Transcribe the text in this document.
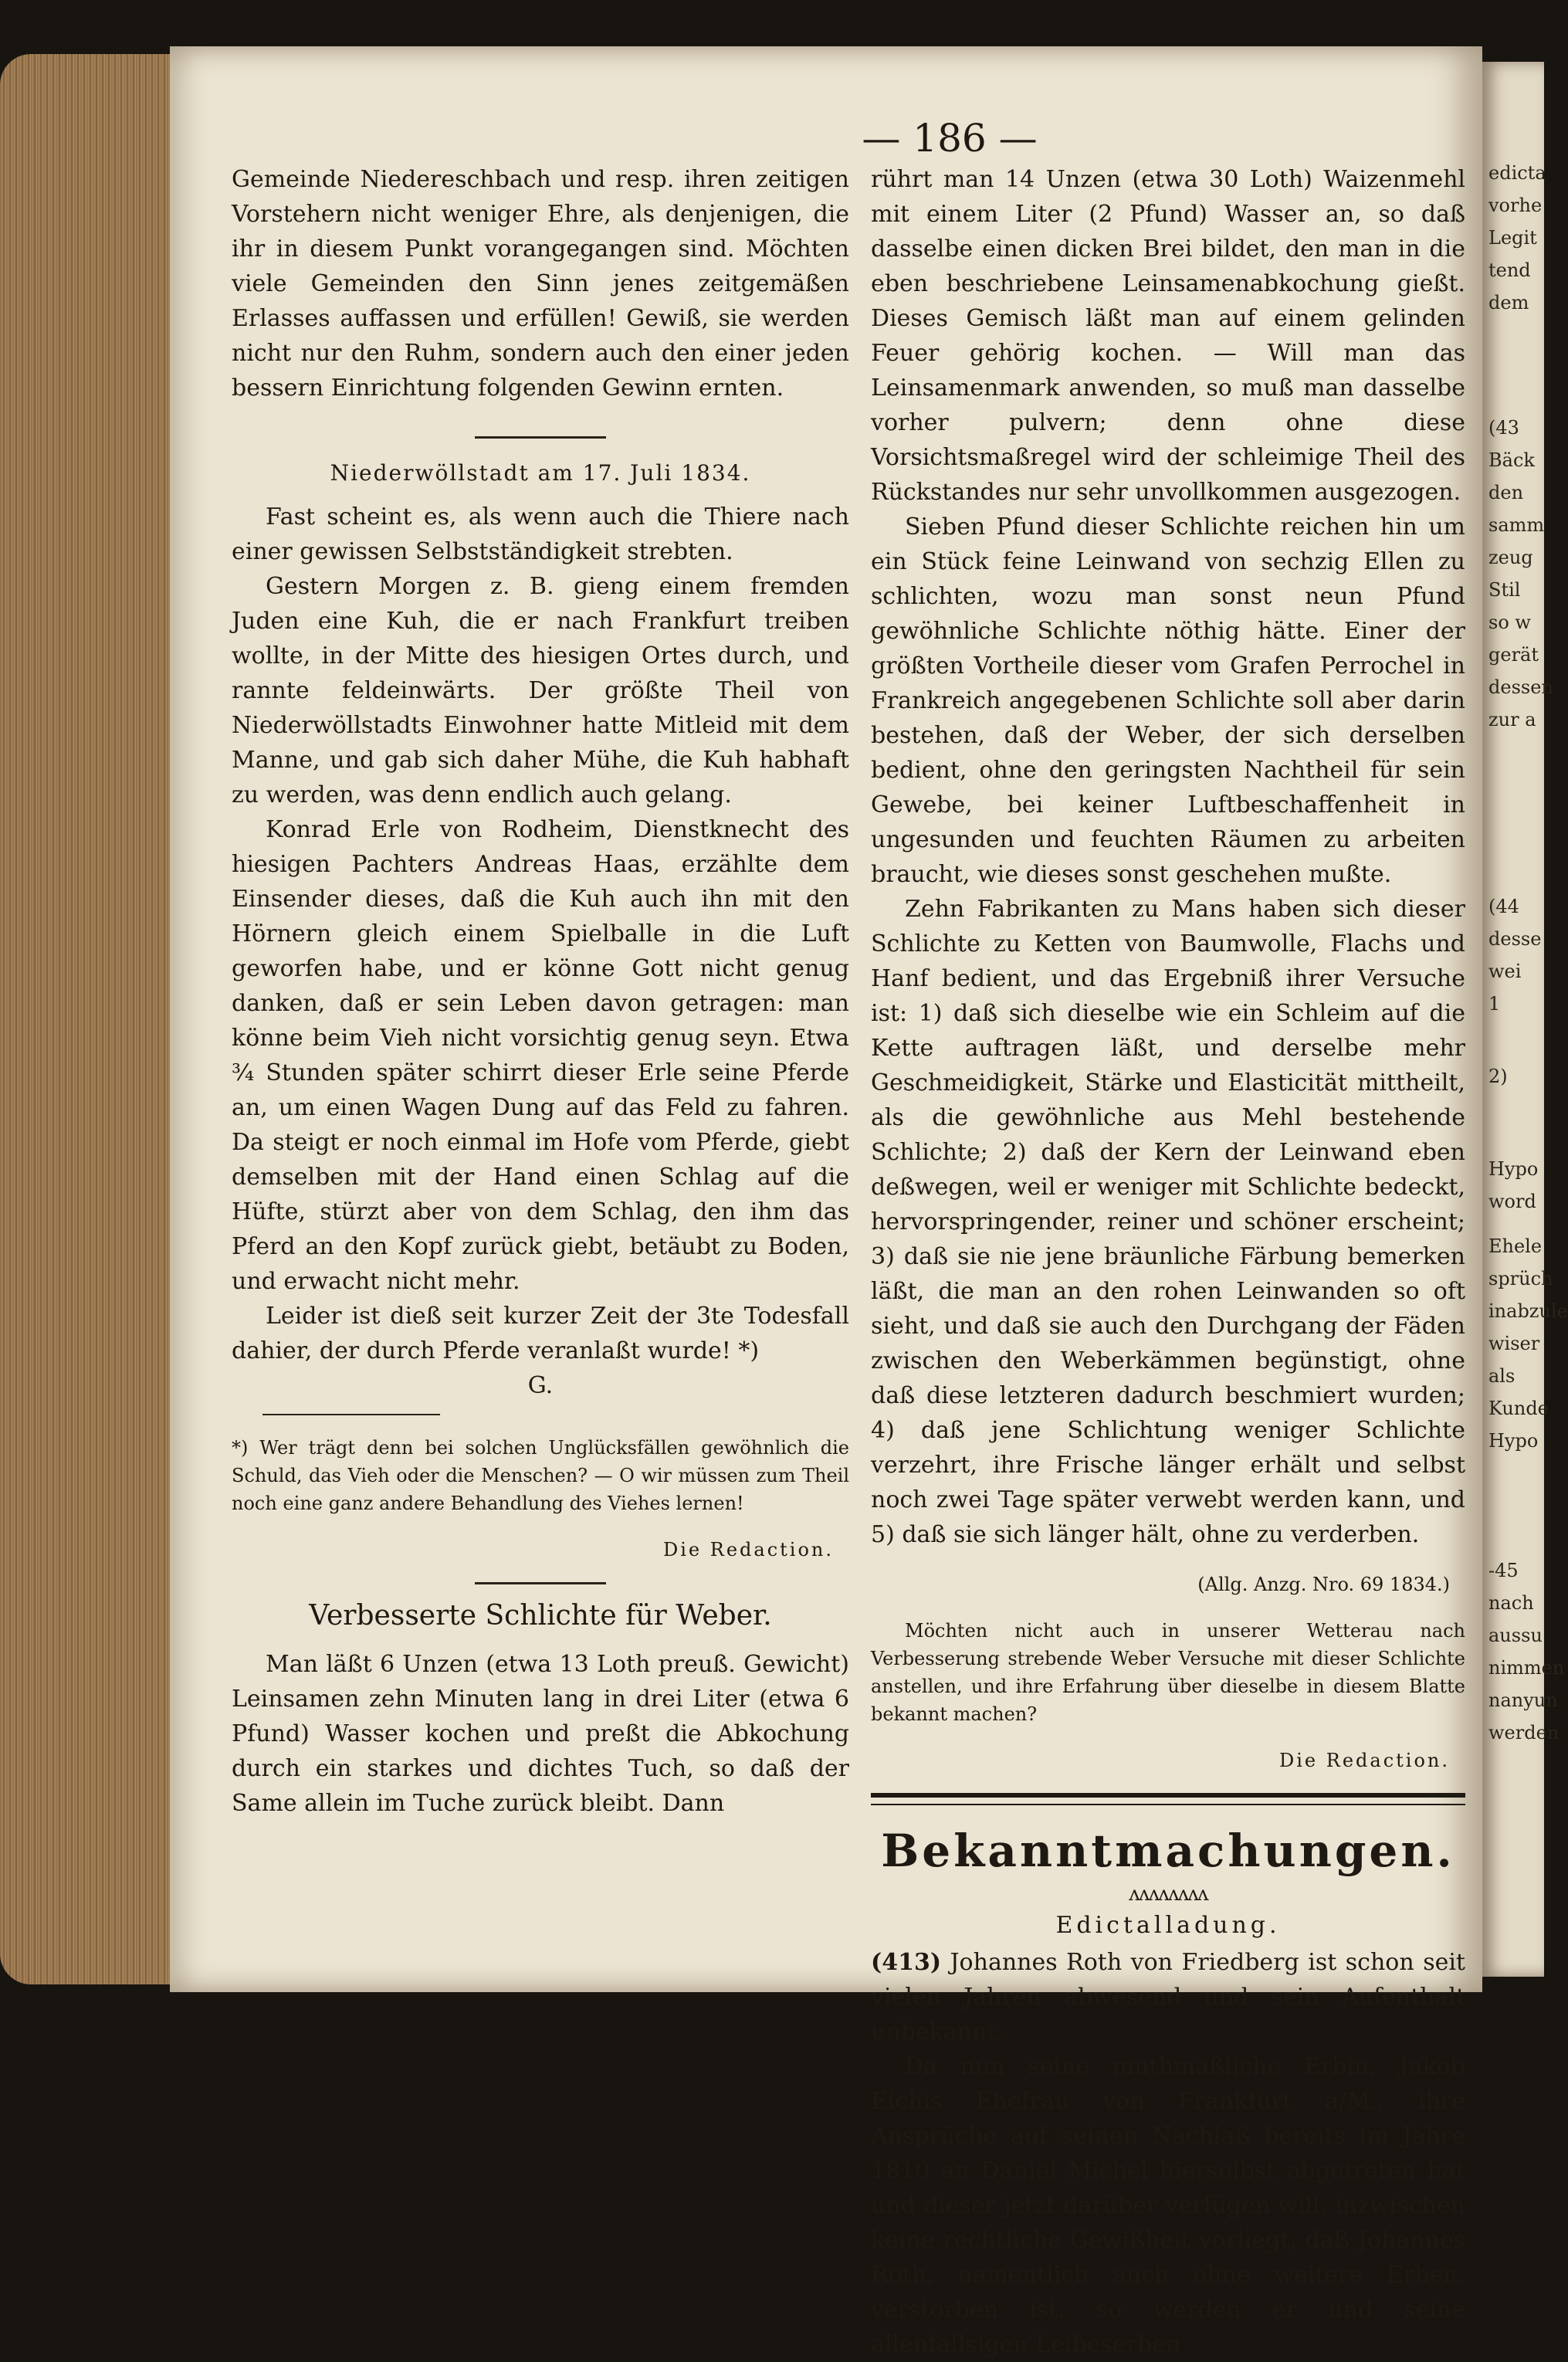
— 186 —

Gemeinde Niedereschbach und resp. ihren zeitigen Vorstehern nicht weniger Ehre, als denjenigen, die ihr in diesem Punkt vorangegangen sind. Möchten viele Gemeinden den Sinn jenes zeitgemäßen Erlasses auffassen und erfüllen! Gewiß, sie werden nicht nur den Ruhm, sondern auch den einer jeden bessern Einrichtung folgenden Gewinn ernten.

Niederwöllstadt am 17. Juli 1834.

Fast scheint es, als wenn auch die Thiere nach einer gewissen Selbstständigkeit strebten.

Gestern Morgen z. B. gieng einem fremden Juden eine Kuh, die er nach Frankfurt treiben wollte, in der Mitte des hiesigen Ortes durch, und rannte feldeinwärts. Der größte Theil von Niederwöllstadts Einwohner hatte Mitleid mit dem Manne, und gab sich daher Mühe, die Kuh habhaft zu werden, was denn endlich auch gelang.

Konrad Erle von Rodheim, Dienstknecht des hiesigen Pachters Andreas Haas, erzählte dem Einsender dieses, daß die Kuh auch ihn mit den Hörnern gleich einem Spielballe in die Luft geworfen habe, und er könne Gott nicht genug danken, daß er sein Leben davon getragen: man könne beim Vieh nicht vorsichtig genug seyn. Etwa ¾ Stunden später schirrt dieser Erle seine Pferde an, um einen Wagen Dung auf das Feld zu fahren. Da steigt er noch einmal im Hofe vom Pferde, giebt demselben mit der Hand einen Schlag auf die Hüfte, stürzt aber von dem Schlag, den ihm das Pferd an den Kopf zurück giebt, betäubt zu Boden, und erwacht nicht mehr.

Leider ist dieß seit kurzer Zeit der 3te Todesfall dahier, der durch Pferde veranlaßt wurde! *)

G.

*) Wer trägt denn bei solchen Unglücksfällen gewöhnlich die Schuld, das Vieh oder die Menschen? — O wir müssen zum Theil noch eine ganz andere Behandlung des Viehes lernen!

Die Redaction.

Verbesserte Schlichte für Weber.

Man läßt 6 Unzen (etwa 13 Loth preuß. Gewicht) Leinsamen zehn Minuten lang in drei Liter (etwa 6 Pfund) Wasser kochen und preßt die Abkochung durch ein starkes und dichtes Tuch, so daß der Same allein im Tuche zurück bleibt. Dann

rührt man 14 Unzen (etwa 30 Loth) Waizenmehl mit einem Liter (2 Pfund) Wasser an, so daß dasselbe einen dicken Brei bildet, den man in die eben beschriebene Leinsamenabkochung gießt. Dieses Gemisch läßt man auf einem gelinden Feuer gehörig kochen. — Will man das Leinsamenmark anwenden, so muß man dasselbe vorher pulvern; denn ohne diese Vorsichtsmaßregel wird der schleimige Theil des Rückstandes nur sehr unvollkommen ausgezogen.

Sieben Pfund dieser Schlichte reichen hin um ein Stück feine Leinwand von sechzig Ellen zu schlichten, wozu man sonst neun Pfund gewöhnliche Schlichte nöthig hätte. Einer der größten Vortheile dieser vom Grafen Perrochel in Frankreich angegebenen Schlichte soll aber darin bestehen, daß der Weber, der sich derselben bedient, ohne den geringsten Nachtheil für sein Gewebe, bei keiner Luftbeschaffenheit in ungesunden und feuchten Räumen zu arbeiten braucht, wie dieses sonst geschehen mußte.

Zehn Fabrikanten zu Mans haben sich dieser Schlichte zu Ketten von Baumwolle, Flachs und Hanf bedient, und das Ergebniß ihrer Versuche ist: 1) daß sich dieselbe wie ein Schleim auf die Kette auftragen läßt, und derselbe mehr Geschmeidigkeit, Stärke und Elasticität mittheilt, als die gewöhnliche aus Mehl bestehende Schlichte; 2) daß der Kern der Leinwand eben deßwegen, weil er weniger mit Schlichte bedeckt, hervorspringender, reiner und schöner erscheint; 3) daß sie nie jene bräunliche Färbung bemerken läßt, die man an den rohen Leinwanden so oft sieht, und daß sie auch den Durchgang der Fäden zwischen den Weberkämmen begünstigt, ohne daß diese letzteren dadurch beschmiert wurden; 4) daß jene Schlichtung weniger Schlichte verzehrt, ihre Frische länger erhält und selbst noch zwei Tage später verwebt werden kann, und 5) daß sie sich länger hält, ohne zu verderben.

(Allg. Anzg. Nro. 69 1834.)

Möchten nicht auch in unserer Wetterau nach Verbesserung strebende Weber Versuche mit dieser Schlichte anstellen, und ihre Erfahrung über dieselbe in diesem Blatte bekannt machen?

Die Redaction.

Bekanntmachungen.

ʌʌʌʌʌʌʌʌ

Edictalladung.

(413) Johannes Roth von Friedberg ist schon seit vielen Jahren abwesend und sein Aufenthalt unbekannt.

Da nun seine muthmaßliche Erbin, Jakob Eichis Ehefrau von Frankfurt a/M., ihre Ansprüche auf seinen Nachlaß bereits im Jahre 1810 an Daniel Michel hierselbst abgetreten hat und dieser jetzt darüber verfügen will, inzwischen keine rechtliche Gewißheit vorliegt, daß Johannes Roth, namentlich auch ohne weitere Erben, verstorben ist, so werden er und seine allenfallsigen Leibeserben

edicta
vorhe
Legit
tend
dem
(43
Bäck
den
samm
zeug
Stil
so w
gerät
dessen
zur a
(44
desse
wei
1
2)
Hypo
word
Ehele
sprüch
inabzule
wiser
als
Kunde
Hypo
-45
nach
aussu
nimmen
nanyun
werden
